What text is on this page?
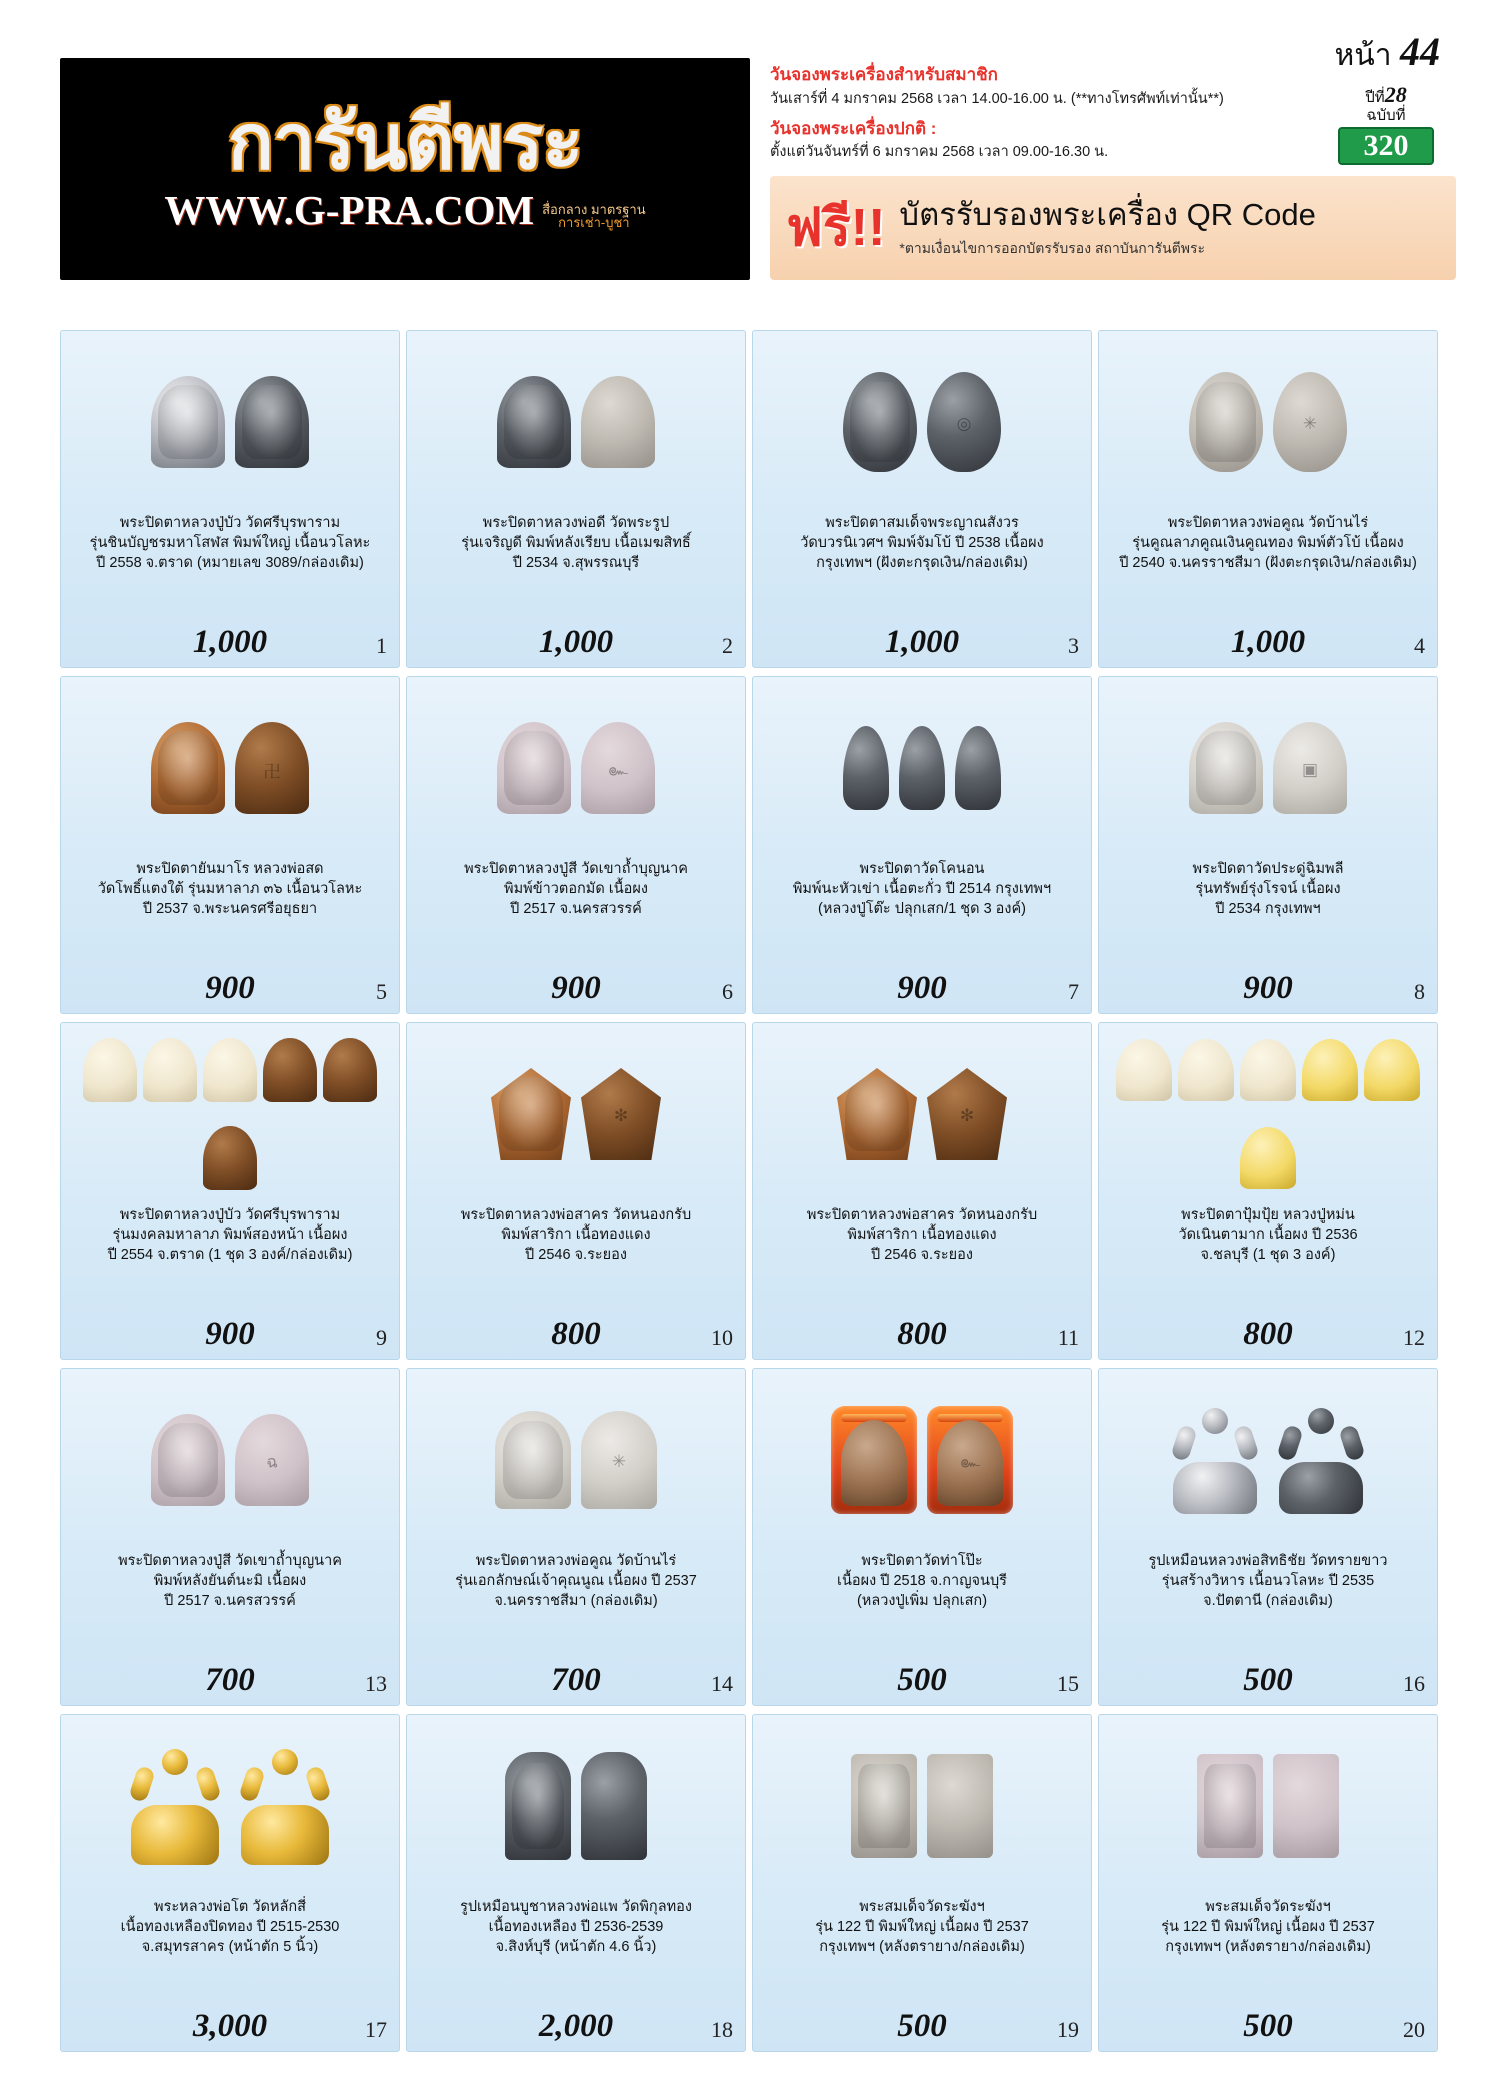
การันตีพระ
WWW.G-PRA.COM สื่อกลาง มาตรฐาน
การเช่า-บูชา
วันจองพระเครื่องสำหรับสมาชิก
วันเสาร์ที่ 4 มกราคม 2568 เวลา 14.00-16.00 น. (**ทางโทรศัพท์เท่านั้น**)
วันจองพระเครื่องปกติ :
ตั้งแต่วันจันทร์ที่ 6 มกราคม 2568 เวลา 09.00-16.30 น.
หน้า 44
ปีที่28
ฉบับที่
320
ฟรี!! บัตรรับรองพระเครื่อง QR Code
*ตามเงื่อนไขการออกบัตรรับรอง สถาบันการันตีพระ
พระปิดตาหลวงปู่บัว วัดศรีบุรพาราม
รุ่นชินบัญชรมหาโสฬส พิมพ์ใหญ่ เนื้อนวโลหะ
ปี 2558 จ.ตราด (หมายเลข 3089/กล่องเดิม)
1,000	1
พระปิดตาหลวงพ่อดี วัดพระรูป
รุ่นเจริญดี พิมพ์หลังเรียบ เนื้อเมฆสิทธิ์
ปี 2534 จ.สุพรรณบุรี
1,000	2
◎
พระปิดตาสมเด็จพระญาณสังวร
วัดบวรนิเวศฯ พิมพ์จัมโบ้ ปี 2538 เนื้อผง
กรุงเทพฯ (ฝังตะกรุดเงิน/กล่องเดิม)
1,000	3
✳
พระปิดตาหลวงพ่อคูณ วัดบ้านไร่
รุ่นคูณลาภคูณเงินคูณทอง พิมพ์ตัวโบ้ เนื้อผง
ปี 2540 จ.นครราชสีมา (ฝังตะกรุดเงิน/กล่องเดิม)
1,000	4
卍
พระปิดตายันมาโร หลวงพ่อสด
วัดโพธิ์แตงใต้ รุ่นมหาลาภ ๓๖ เนื้อนวโลหะ
ปี 2537 จ.พระนครศรีอยุธยา
900	5
๛
พระปิดตาหลวงปู่สี วัดเขาถ้ำบุญนาค
พิมพ์ข้าวตอกมัด เนื้อผง
ปี 2517 จ.นครสวรรค์
900	6
พระปิดตาวัดโคนอน
พิมพ์นะหัวเข่า เนื้อตะกั่ว ปี 2514 กรุงเทพฯ
(หลวงปู่โต๊ะ ปลุกเสก/1 ชุด 3 องค์)
900	7
▣
พระปิดตาวัดประดู่ฉิมพลี
รุ่นทรัพย์รุ่งโรจน์ เนื้อผง
ปี 2534 กรุงเทพฯ
900	8
พระปิดตาหลวงปู่บัว วัดศรีบุรพาราม
รุ่นมงคลมหาลาภ พิมพ์สองหน้า เนื้อผง
ปี 2554 จ.ตราด (1 ชุด 3 องค์/กล่องเดิม)
900	9
✻
พระปิดตาหลวงพ่อสาคร วัดหนองกรับ
พิมพ์สาริกา เนื้อทองแดง
ปี 2546 จ.ระยอง
800	10
✻
พระปิดตาหลวงพ่อสาคร วัดหนองกรับ
พิมพ์สาริกา เนื้อทองแดง
ปี 2546 จ.ระยอง
800	11
พระปิดตาปุ้มปุ้ย หลวงปู่หม่น
วัดเนินตามาก เนื้อผง ปี 2536
จ.ชลบุรี (1 ชุด 3 องค์)
800	12
ฉ
พระปิดตาหลวงปู่สี วัดเขาถ้ำบุญนาค
พิมพ์หลังยันต์นะมิ เนื้อผง
ปี 2517 จ.นครสวรรค์
700	13
✳
พระปิดตาหลวงพ่อคูณ วัดบ้านไร่
รุ่นเอกลักษณ์เจ้าคุณนูณ เนื้อผง ปี 2537
จ.นครราชสีมา (กล่องเดิม)
700	14
๛
พระปิดตาวัดท่าโป๊ะ
เนื้อผง ปี 2518 จ.กาญจนบุรี
(หลวงปู่เพิ่ม ปลุกเสก)
500	15
รูปเหมือนหลวงพ่อสิทธิชัย วัดทรายขาว
รุ่นสร้างวิหาร เนื้อนวโลหะ ปี 2535
จ.ปัตตานี (กล่องเดิม)
500	16
พระหลวงพ่อโต วัดหลักสี่
เนื้อทองเหลืองปิดทอง ปี 2515-2530
จ.สมุทรสาคร (หน้าตัก 5 นิ้ว)
3,000	17
รูปเหมือนบูชาหลวงพ่อแพ วัดพิกุลทอง
เนื้อทองเหลือง ปี 2536-2539
จ.สิงห์บุรี (หน้าตัก 4.6 นิ้ว)
2,000	18
พระสมเด็จวัดระฆังฯ
รุ่น 122 ปี พิมพ์ใหญ่ เนื้อผง ปี 2537
กรุงเทพฯ (หลังตรายาง/กล่องเดิม)
500	19
พระสมเด็จวัดระฆังฯ
รุ่น 122 ปี พิมพ์ใหญ่ เนื้อผง ปี 2537
กรุงเทพฯ (หลังตรายาง/กล่องเดิม)
500	20
